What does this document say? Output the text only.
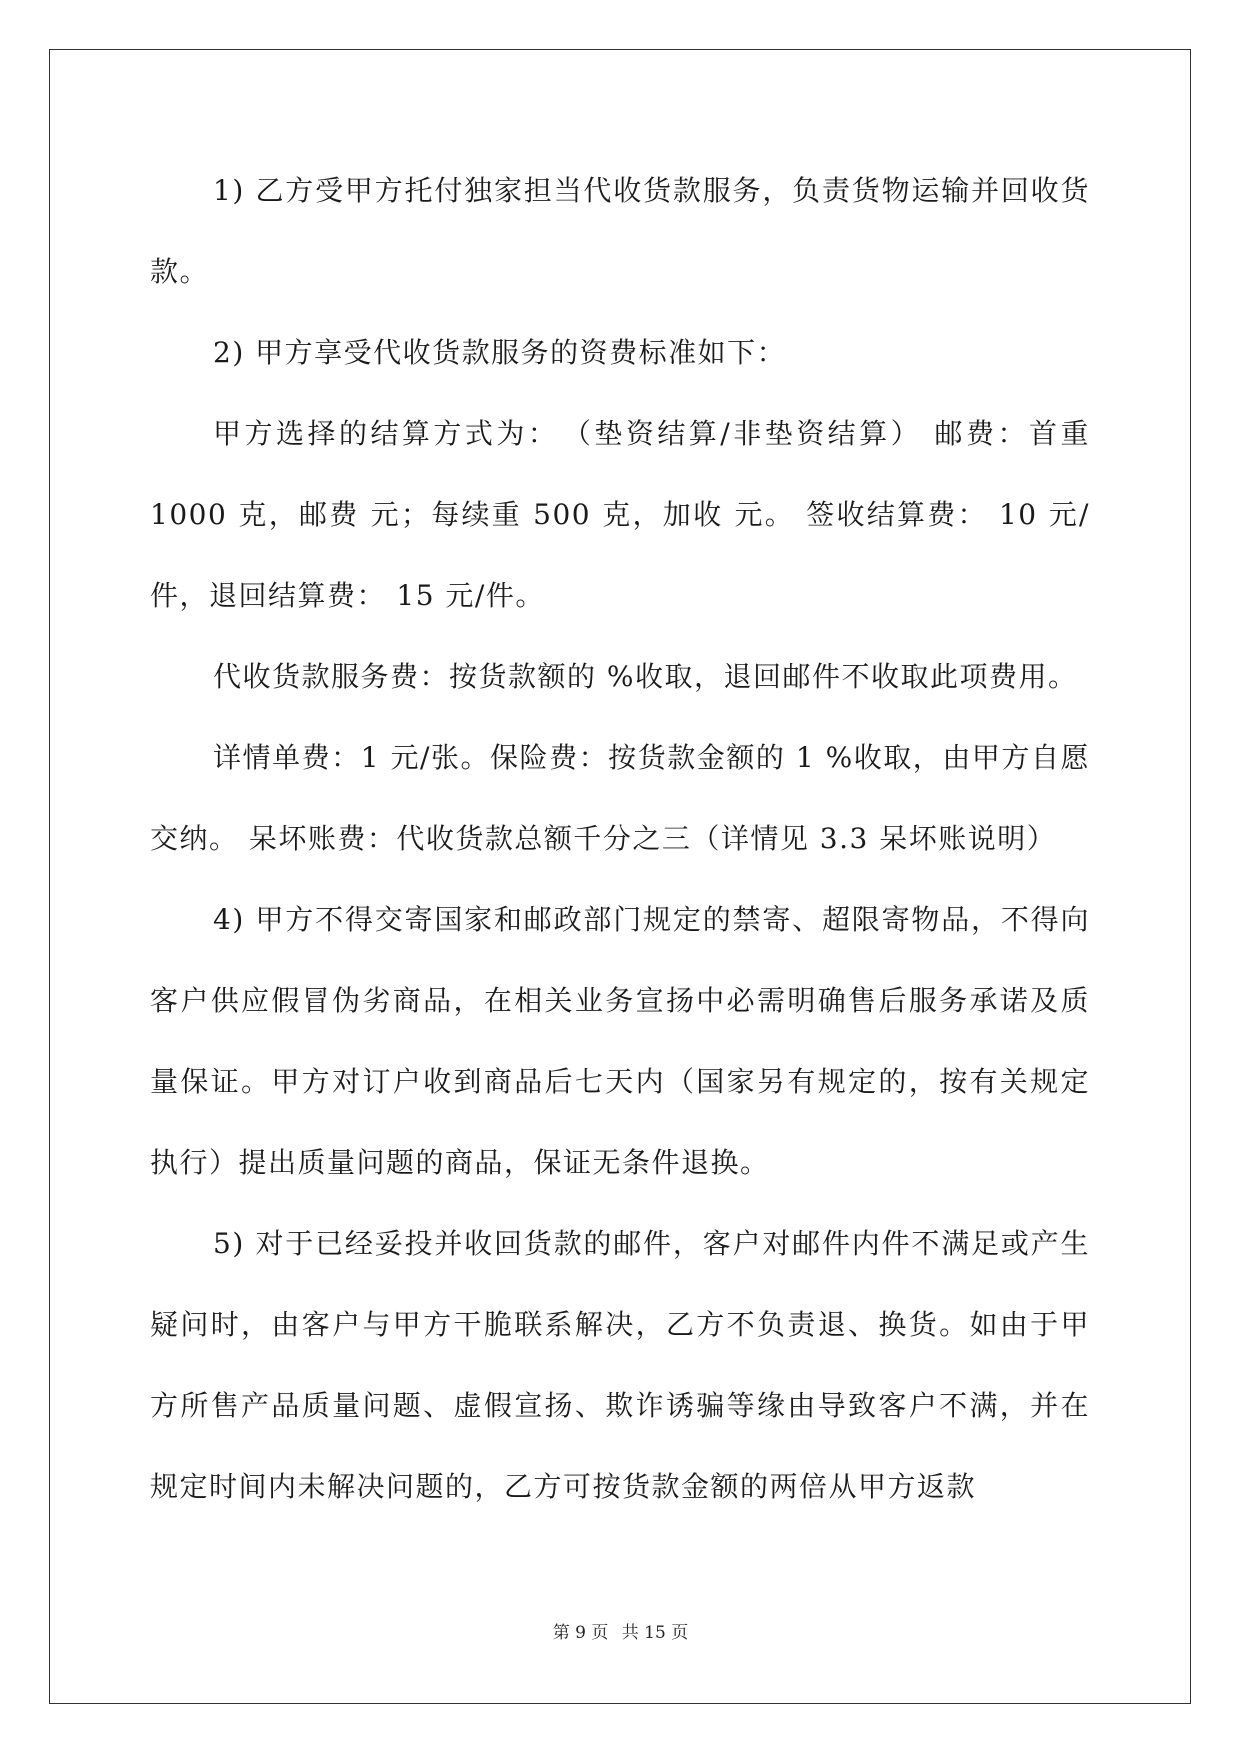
1) 乙方受甲方托付独家担当代收货款服务，负责货物运输并回收货款。

2) 甲方享受代收货款服务的资费标准如下：

甲方选择的结算方式为：　（垫资结算/非垫资结算） 邮费：首重1000 克，邮费 元；每续重 500 克，加收 元。 签收结算费： 10 元/件，退回结算费： 15 元/件。

代收货款服务费：按货款额的 %收取，退回邮件不收取此项费用。

详情单费：1 元/张。保险费：按货款金额的 1 %收取，由甲方自愿交纳。 呆坏账费：代收货款总额千分之三（详情见 3.3 呆坏账说明）

4) 甲方不得交寄国家和邮政部门规定的禁寄、超限寄物品，不得向客户供应假冒伪劣商品，在相关业务宣扬中必需明确售后服务承诺及质量保证。甲方对订户收到商品后七天内（国家另有规定的，按有关规定执行）提出质量问题的商品，保证无条件退换。

5) 对于已经妥投并收回货款的邮件，客户对邮件内件不满足或产生疑问时，由客户与甲方干脆联系解决，乙方不负责退、换货。如由于甲方所售产品质量问题、虚假宣扬、欺诈诱骗等缘由导致客户不满，并在规定时间内未解决问题的，乙方可按货款金额的两倍从甲方返款

第 9 页 共 15 页
